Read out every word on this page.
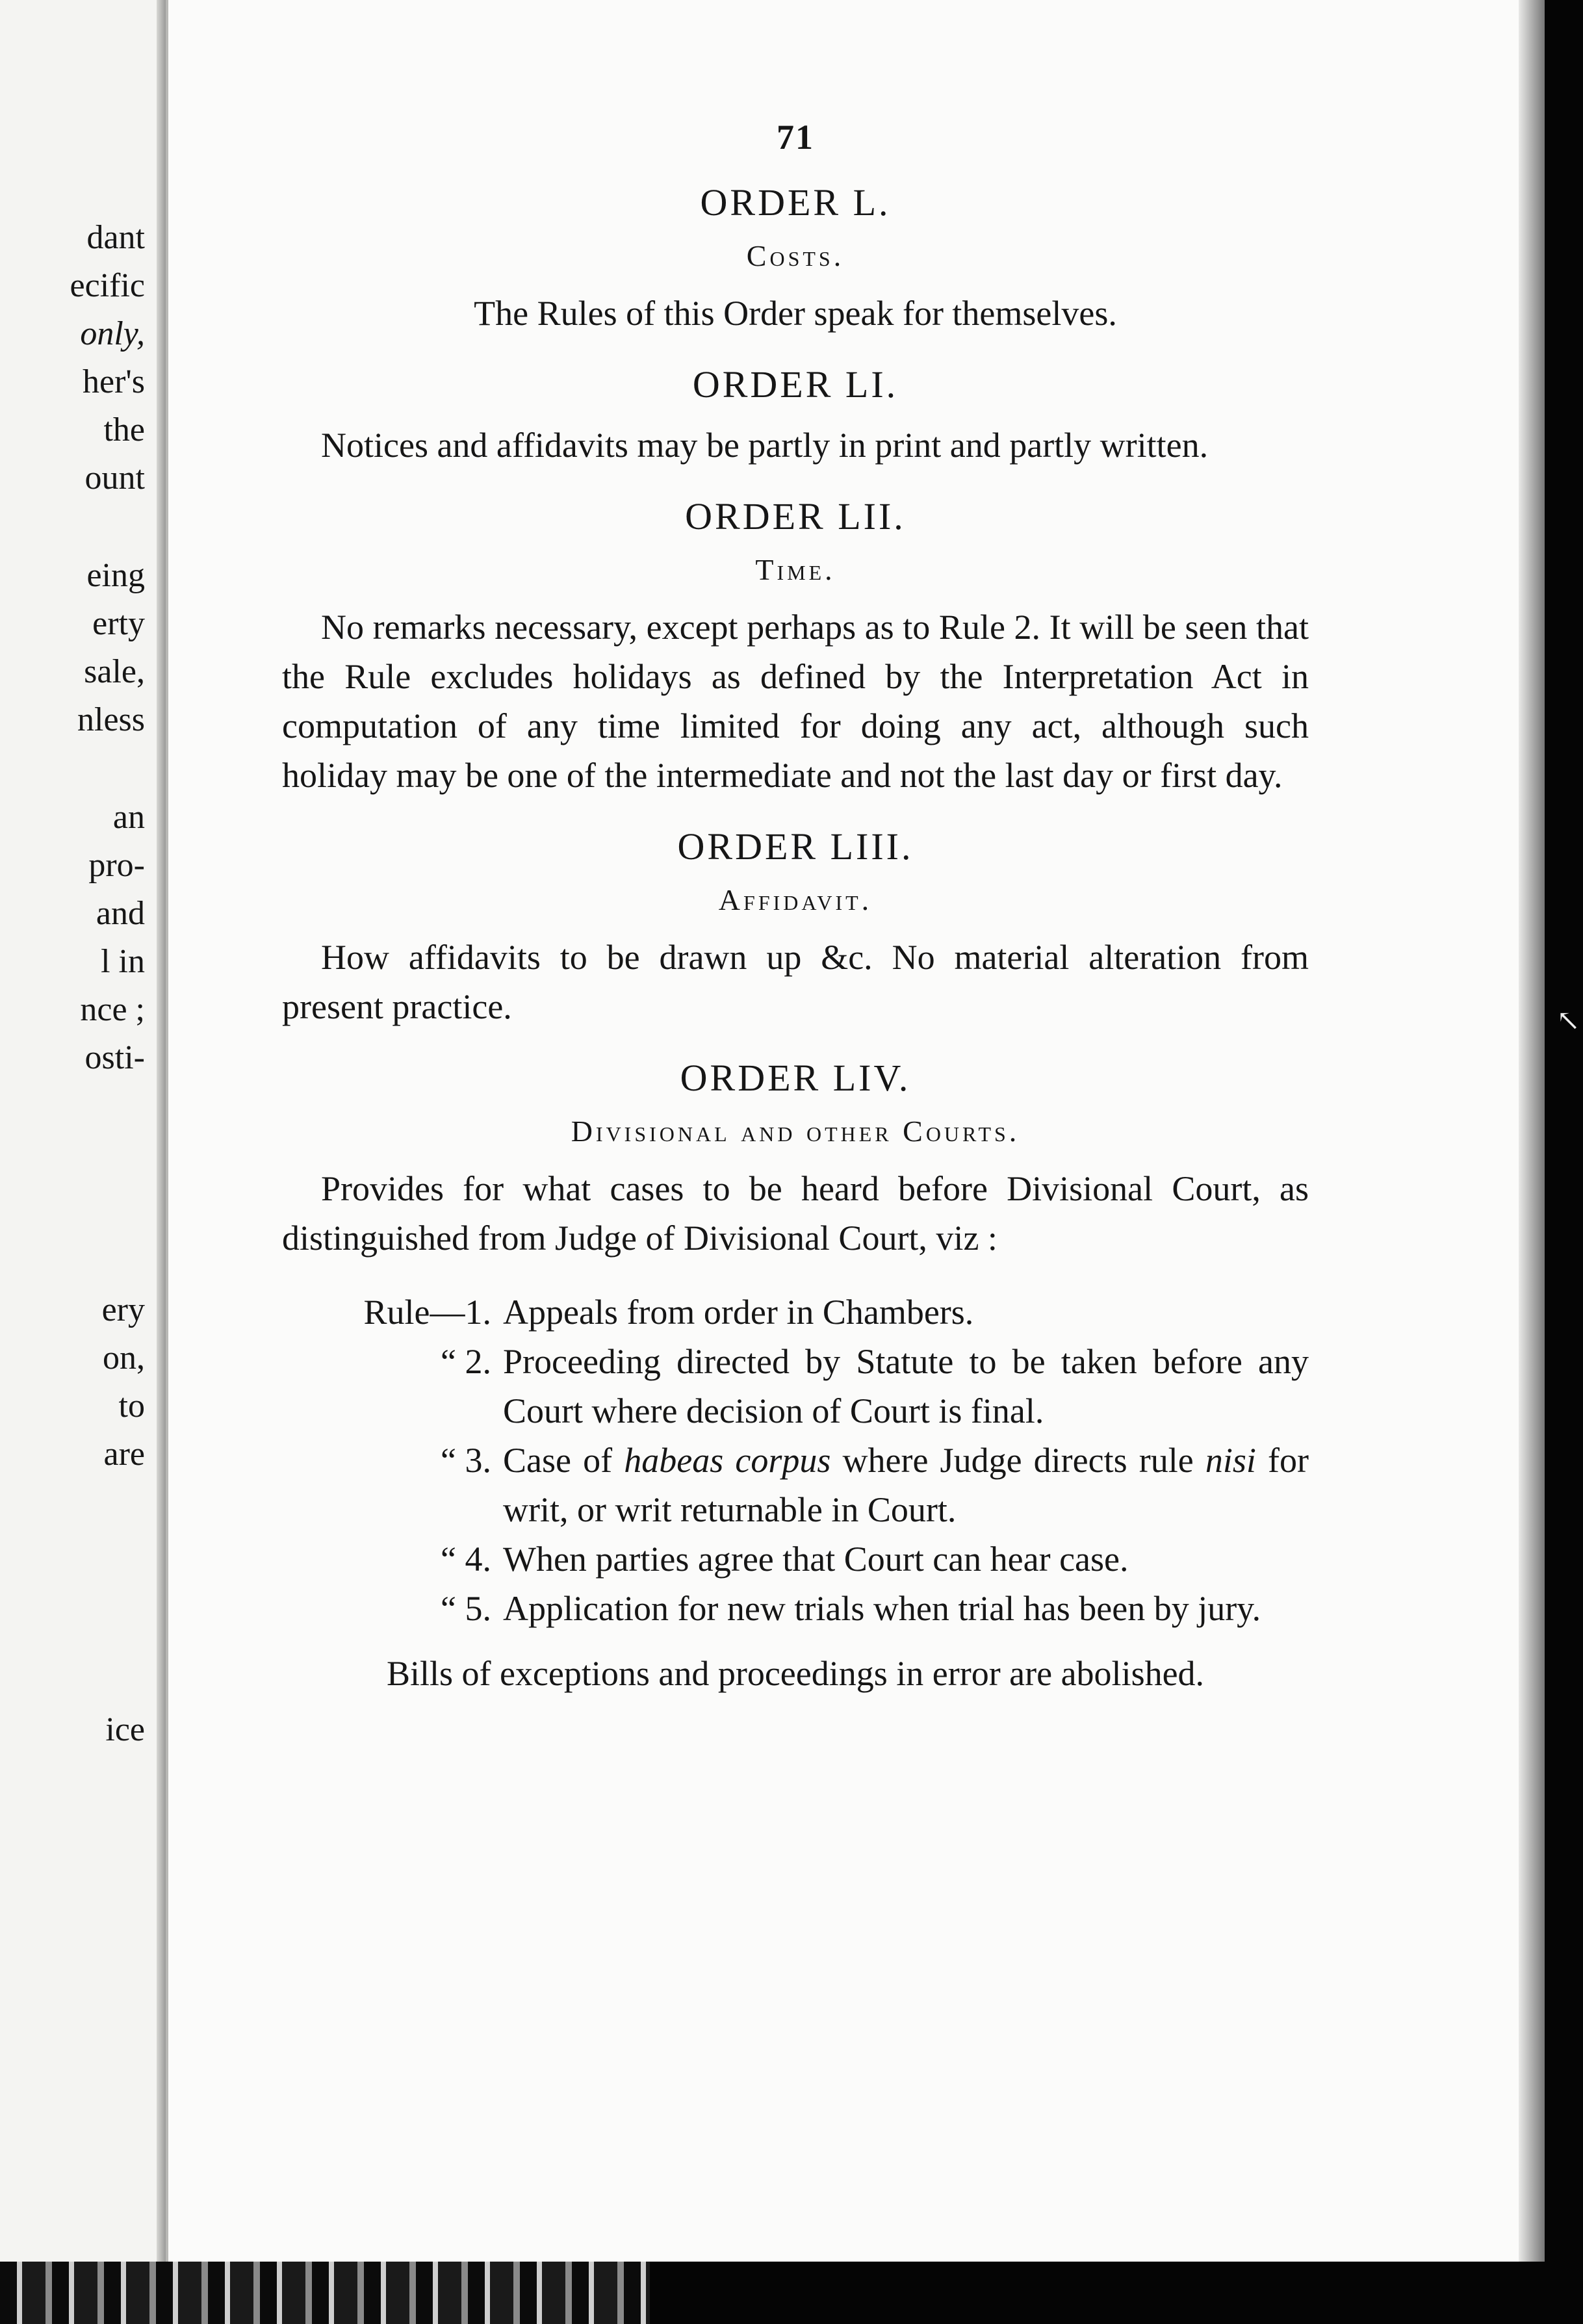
dant
ecific
only,
her's
the
ount
eing
erty
sale,
nless
an
pro-
and
l in
nce ;
osti-
ery
on,
to
are
ice
71
ORDER L.
Costs.

The Rules of this Order speak for themselves.

ORDER LI.

Notices and affidavits may be partly in print and partly written.

ORDER LII.
Time.

No remarks necessary, except perhaps as to Rule 2. It will be seen that the Rule excludes holidays as defined by the Interpretation Act in computation of any time limited for doing any act, although such holiday may be one of the intermediate and not the last day or first day.

ORDER LIII.
Affidavit.

How affidavits to be drawn up &c. No material alteration from present practice.

ORDER LIV.
Divisional and other Courts.

Provides for what cases to be heard before Divisional Court, as distinguished from Judge of Divisional Court, viz :

Rule—1. Appeals from order in Chambers.
“ 2. Proceeding directed by Statute to be taken before any Court where decision of Court is final.
“ 3. Case of habeas corpus where Judge directs rule nisi for writ, or writ returnable in Court.
“ 4. When parties agree that Court can hear case.
“ 5. Application for new trials when trial has been by jury.

Bills of exceptions and proceedings in error are abolished.

↖
